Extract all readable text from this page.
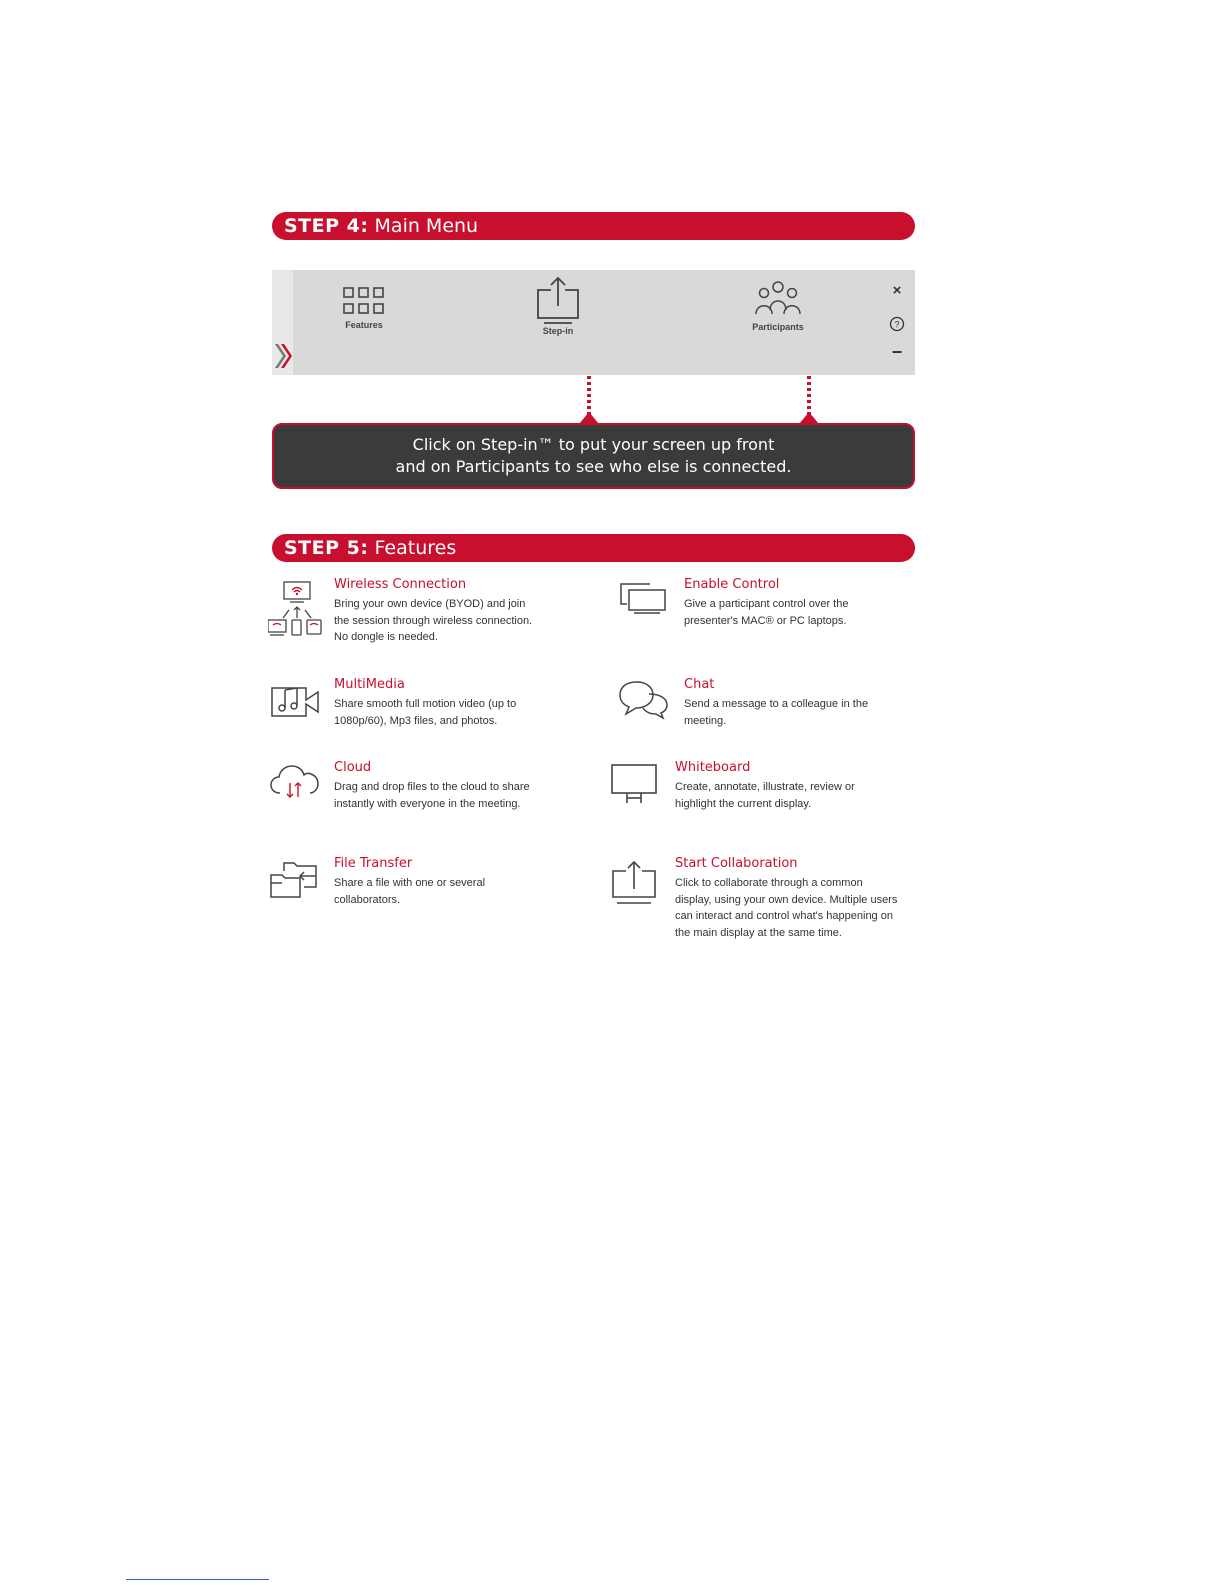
STEP 4: Main Menu
Features
Step-in	Participants
×
?
−
Click on Step-in™ to put your screen up front
and on Participants to see who else is connected.
STEP 5: Features
Wireless Connection
Bring your own device (BYOD) and join
the session through wireless connection.
No dongle is needed.
Enable Control
Give a participant control over the
presenter's MAC® or PC laptops.
MultiMedia
Share smooth full motion video (up to
1080p/60), Mp3 files, and photos.
Chat
Send a message to a colleague in the
meeting.
Cloud
Drag and drop files to the cloud to share
instantly with everyone in the meeting.
Whiteboard
Create, annotate, illustrate, review or
highlight the current display.
File Transfer
Share a file with one or several
collaborators.
Start Collaboration
Click to collaborate through a common
display, using your own device. Multiple users
can interact and control what's happening on
the main display at the same time.
